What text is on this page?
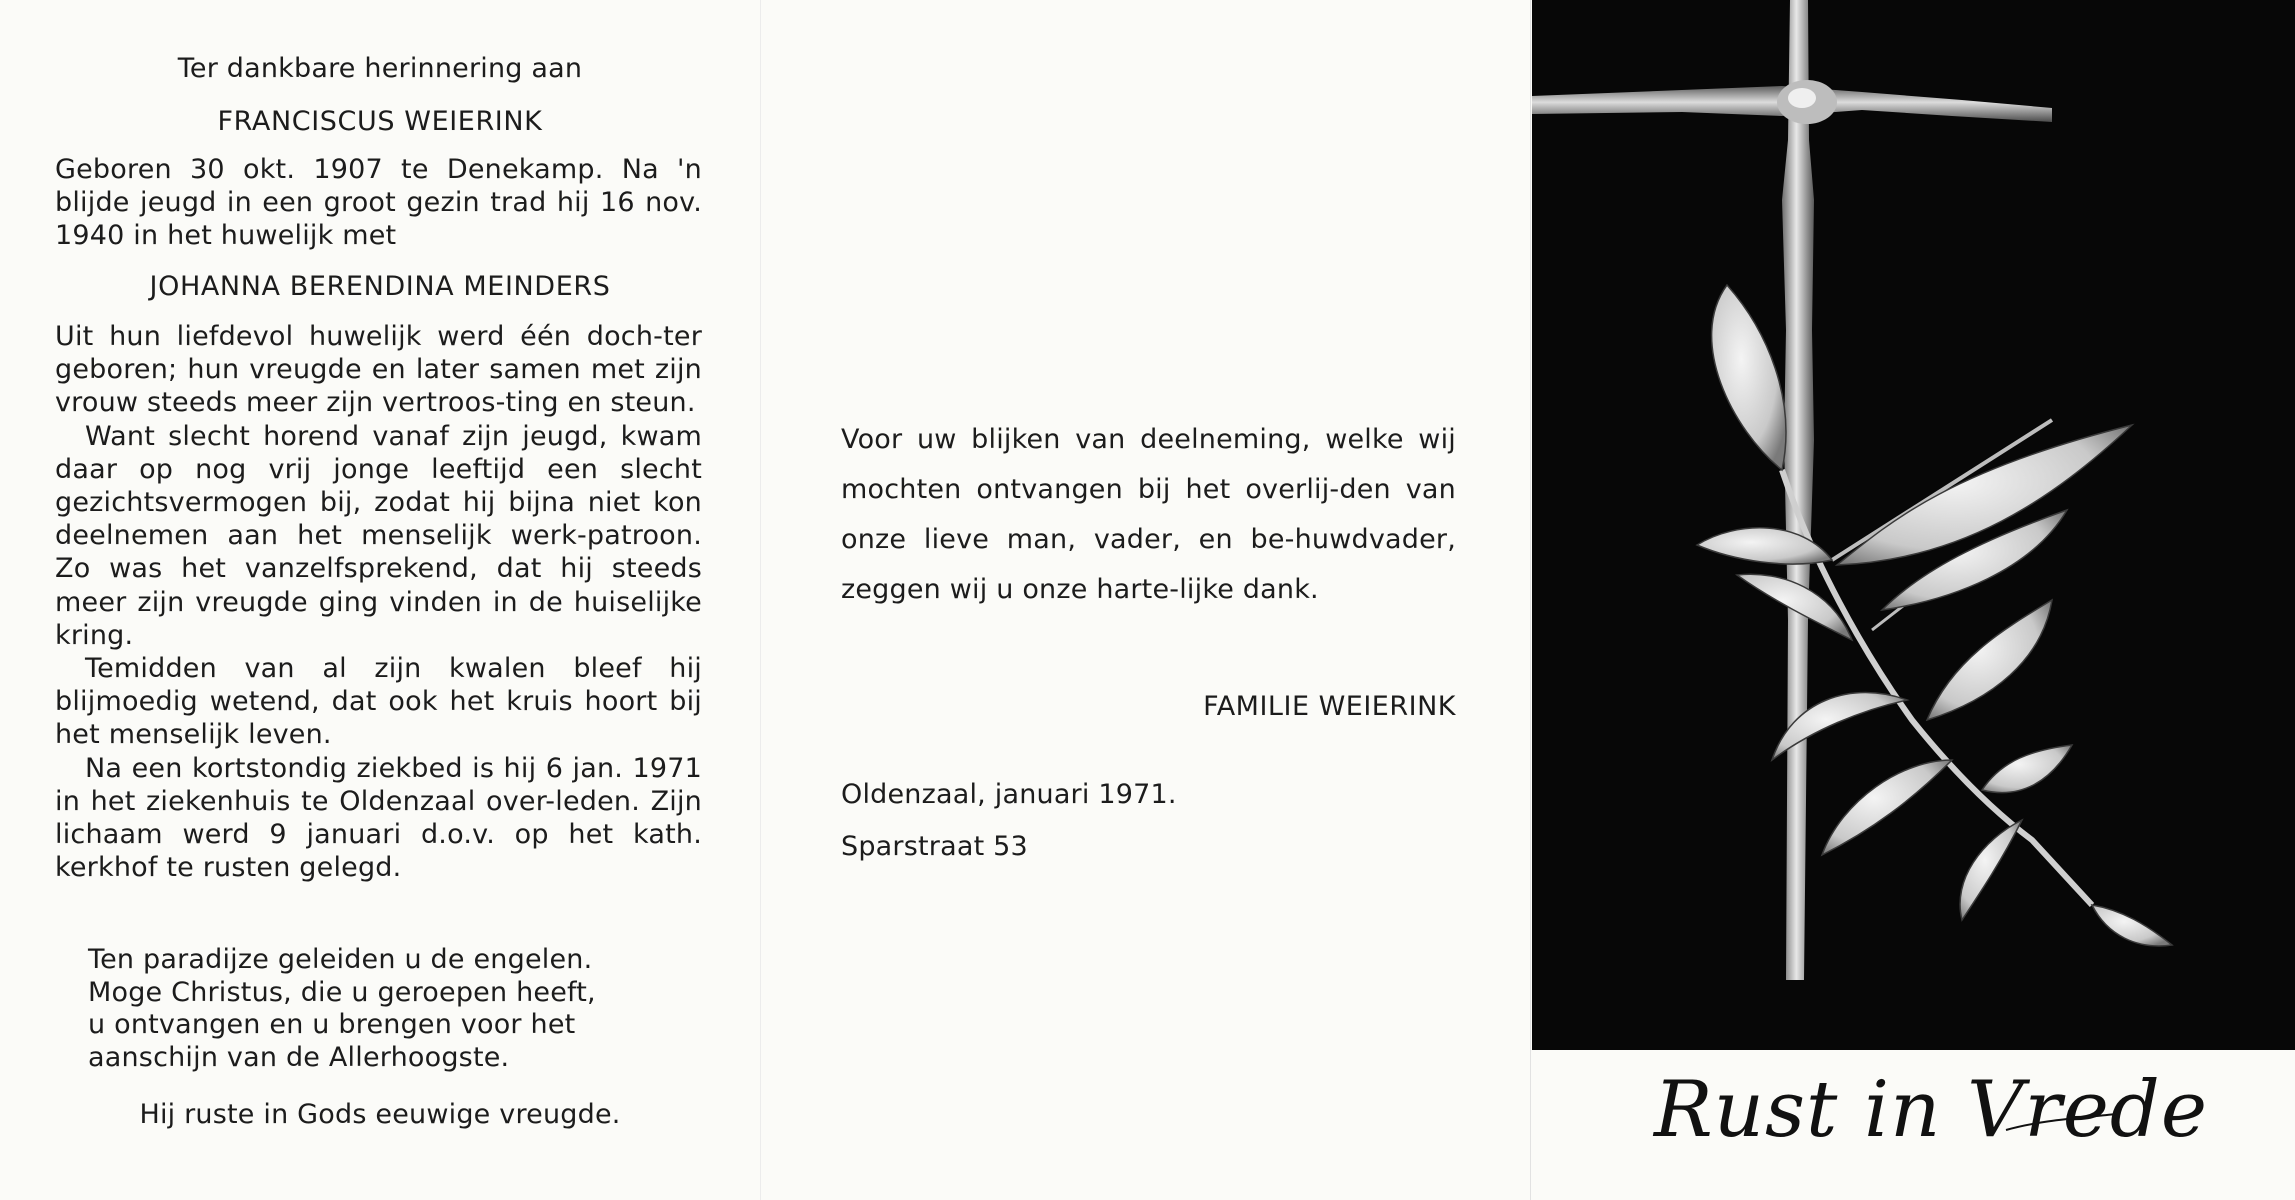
Ter dankbare herinnering aan
FRANCISCUS WEIERINK
Geboren 30 okt. 1907 te Denekamp. Na 'n blijde jeugd in een groot gezin trad hij 16 nov. 1940 in het huwelijk met
JOHANNA BERENDINA MEINDERS

Uit hun liefdevol huwelijk werd één doch-ter geboren; hun vreugde en later samen met zijn vrouw steeds meer zijn vertroos-ting en steun.

Want slecht horend vanaf zijn jeugd, kwam daar op nog vrij jonge leeftijd een slecht gezichtsvermogen bij, zodat hij bijna niet kon deelnemen aan het menselijk werk-patroon. Zo was het vanzelfsprekend, dat hij steeds meer zijn vreugde ging vinden in de huiselijke kring.

Temidden van al zijn kwalen bleef hij blijmoedig wetend, dat ook het kruis hoort bij het menselijk leven.

Na een kortstondig ziekbed is hij 6 jan. 1971 in het ziekenhuis te Oldenzaal over-leden. Zijn lichaam werd 9 januari d.o.v. op het kath. kerkhof te rusten gelegd.

Ten paradijze geleiden u de engelen.
Moge Christus, die u geroepen heeft,
u ontvangen en u brengen voor het
aanschijn van de Allerhoogste.
Hij ruste in Gods eeuwige vreugde.
Voor uw blijken van deelneming, welke wij mochten ontvangen bij het overlij-den van onze lieve man, vader, en be-huwdvader, zeggen wij u onze harte-lijke dank.
FAMILIE WEIERINK
Oldenzaal, januari 1971.
Sparstraat 53
Rust in Vrede
